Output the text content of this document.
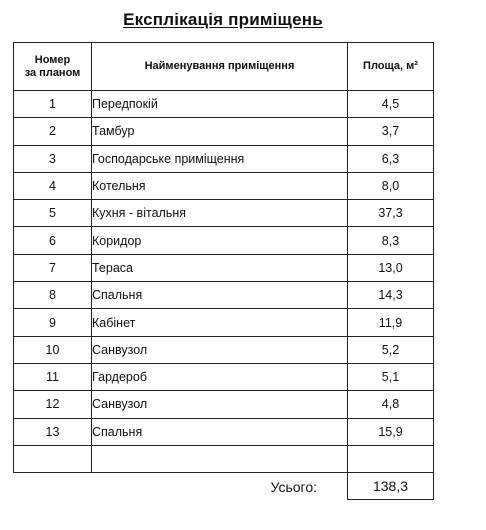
Експлікація приміщень
Номер
за планом	Найменування приміщення	Площа, м²
1	Передпокій	4,5
2	Тамбур	3,7
3	Господарське приміщення	6,3
4	Котельня	8,0
5	Кухня - вітальня	37,3
6	Коридор	8,3
7	Тераса	13,0
8	Спальня	14,3
9	Кабінет	11,9
10	Санвузол	5,2
11	Гардероб	5,1
12	Санвузол	4,8
13	Спальня	15,9

	Усього:	138,3
